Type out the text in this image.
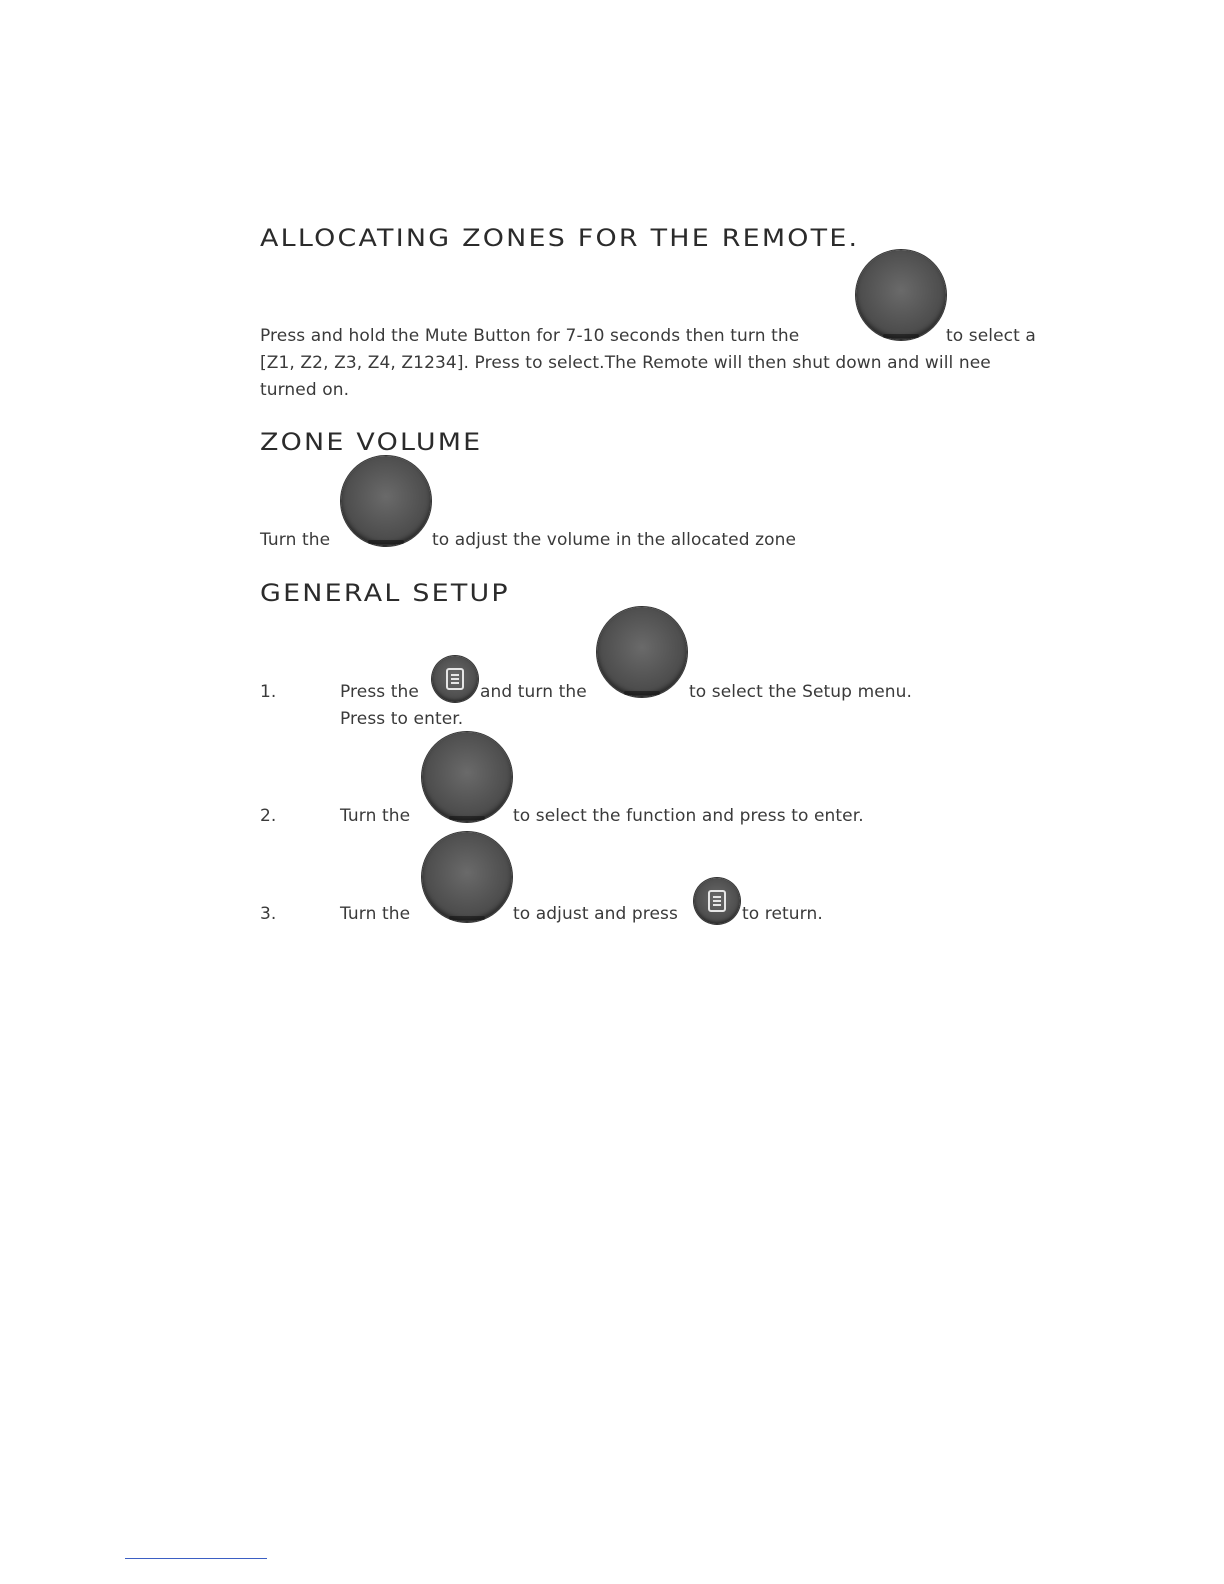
ALLOCATING ZONES FOR THE REMOTE.
Press and hold the Mute Button for 7-10 seconds then turn the	to select a
[Z1, Z2, Z3, Z4, Z1234]. Press to select.The Remote will then shut down and will nee
turned on.
ZONE VOLUME
Turn the	to adjust the volume in the allocated zone
GENERAL SETUP
1.	Press the	and turn the	to select the Setup menu.
Press to enter.
2.	Turn the	to select the function and press to enter.
3.	Turn the	to adjust and press	to return.
